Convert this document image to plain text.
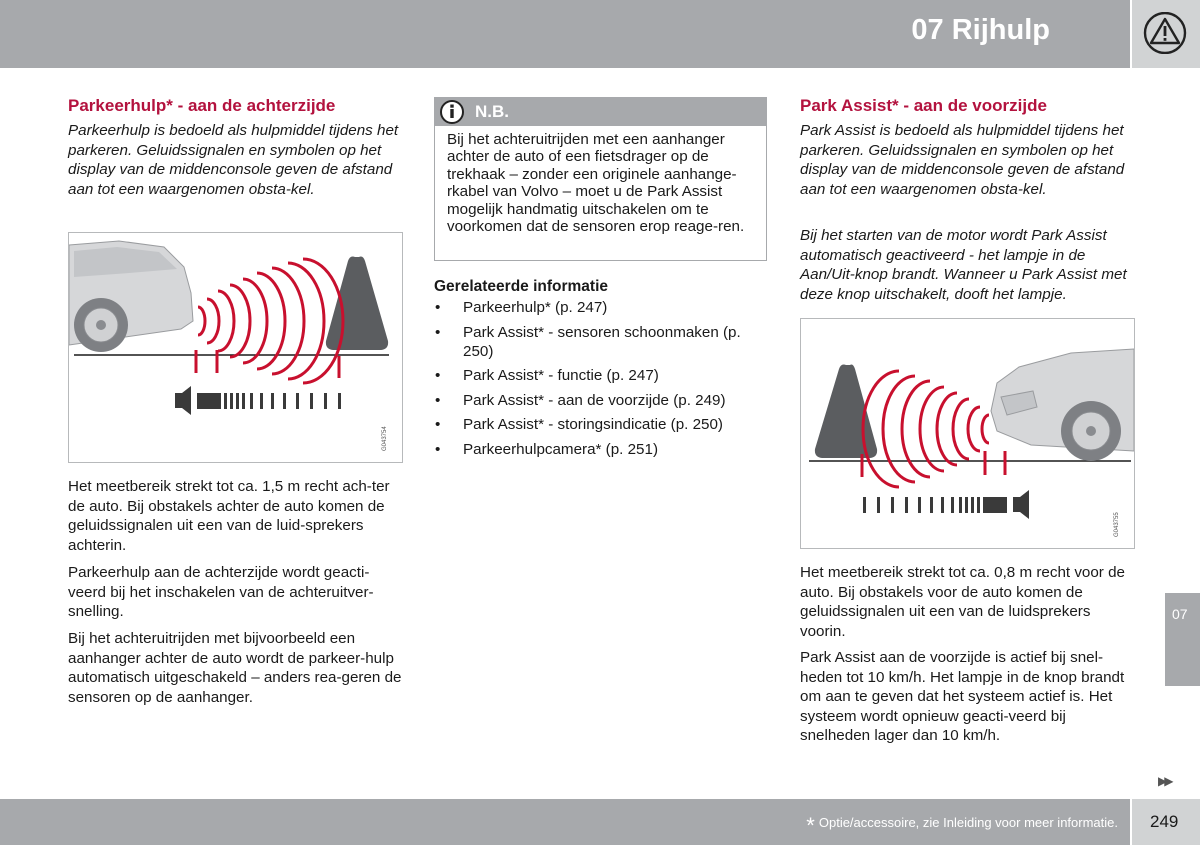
07 Rijhulp
Parkeerhulp* - aan de achterzijde

Parkeerhulp is bedoeld als hulpmiddel tijdens het parkeren. Geluidssignalen en symbolen op het display van de middenconsole geven de afstand aan tot een waargenomen obsta-kel.

G043754

Het meetbereik strekt tot ca. 1,5 m recht ach-ter de auto. Bij obstakels achter de auto komen de geluidssignalen uit een van de luid-sprekers achterin.

Parkeerhulp aan de achterzijde wordt geacti-veerd bij het inschakelen van de achteruitver-snelling.

Bij het achteruitrijden met bijvoorbeeld een aanhanger achter de auto wordt de parkeer-hulp automatisch uitgeschakeld – anders rea-geren de sensoren op de aanhanger.

N.B.

Bij het achteruitrijden met een aanhanger achter de auto of een fietsdrager op de trekhaak – zonder een originele aanhange-rkabel van Volvo – moet u de Park Assist mogelijk handmatig uitschakelen om te voorkomen dat de sensoren erop reage-ren.

Gerelateerde informatie
• Parkeerhulp* (p. 247)
• Park Assist* - sensoren schoonmaken (p. 250)
• Park Assist* - functie (p. 247)
• Park Assist* - aan de voorzijde (p. 249)
• Park Assist* - storingsindicatie (p. 250)
• Parkeerhulpcamera* (p. 251)
Park Assist* - aan de voorzijde

Park Assist is bedoeld als hulpmiddel tijdens het parkeren. Geluidssignalen en symbolen op het display van de middenconsole geven de afstand aan tot een waargenomen obsta-kel.

Bij het starten van de motor wordt Park Assist automatisch geactiveerd - het lampje in de Aan/Uit-knop brandt. Wanneer u Park Assist met deze knop uitschakelt, dooft het lampje.

G043755

Het meetbereik strekt tot ca. 0,8 m recht voor de auto. Bij obstakels voor de auto komen de geluidssignalen uit een van de luidsprekers voorin.

Park Assist aan de voorzijde is actief bij snel-heden tot 10 km/h. Het lampje in de knop brandt om aan te geven dat het systeem actief is. Het systeem wordt opnieuw geacti-veerd bij snelheden lager dan 10 km/h.

07
▶▶
* Optie/accessoire, zie Inleiding voor meer informatie. 249
